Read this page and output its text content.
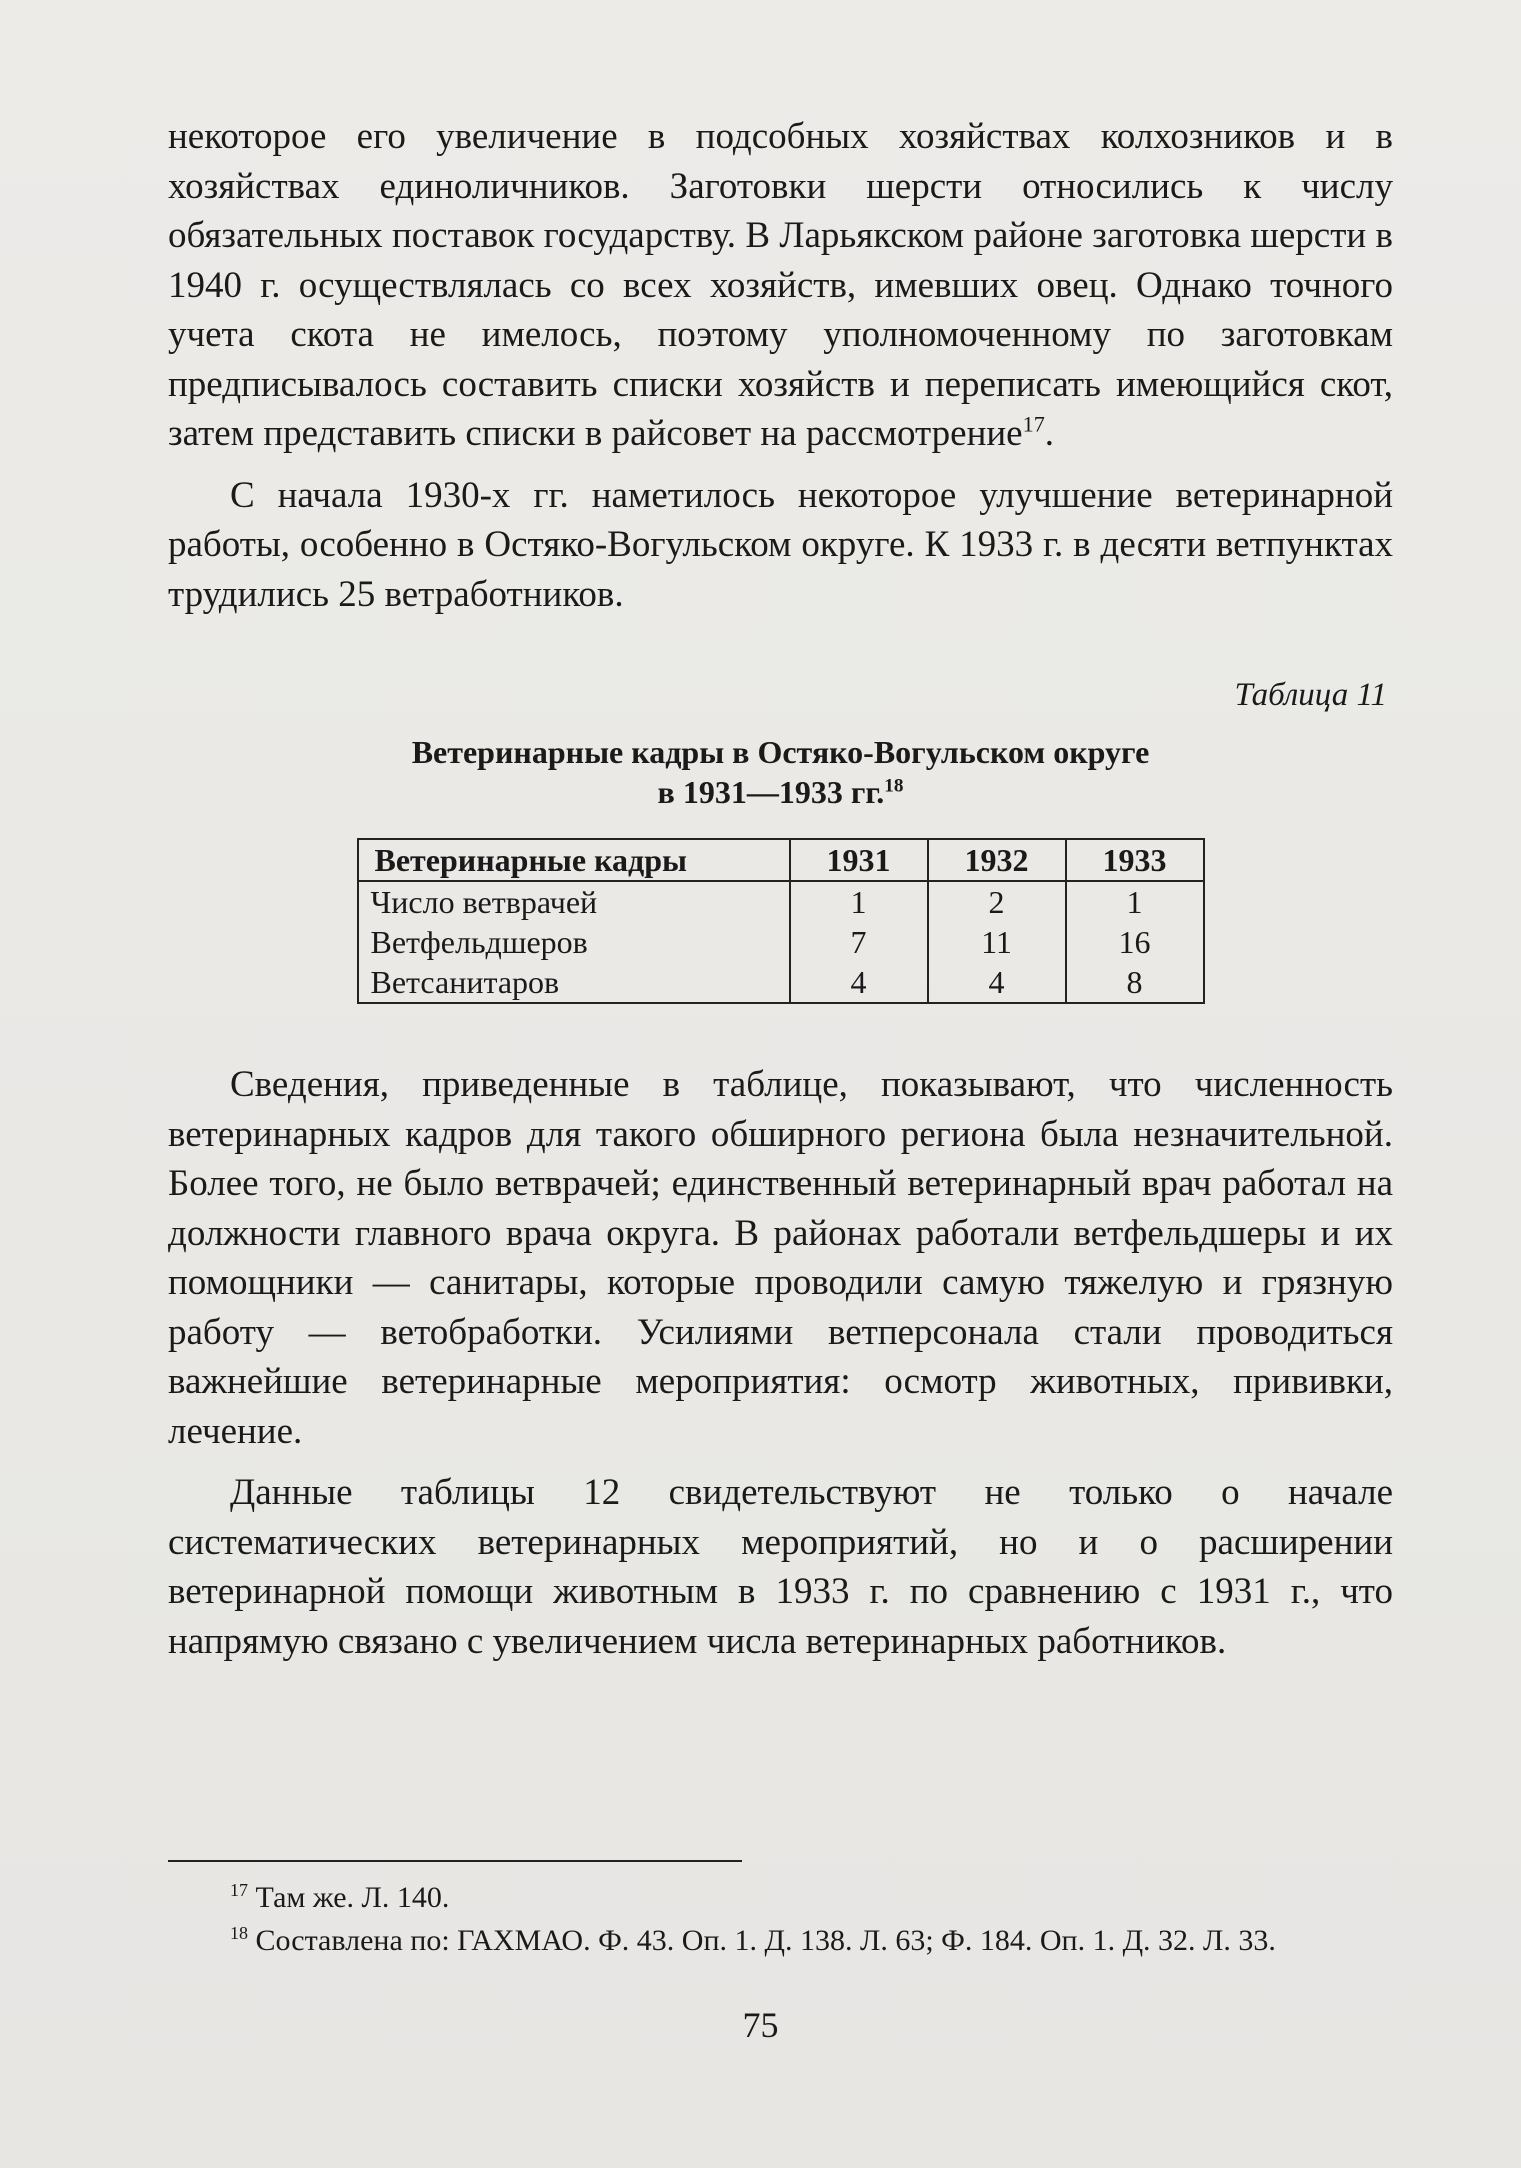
некоторое его увеличение в подсобных хозяйствах колхозников и в хозяйствах единоличников. Заготовки шерсти относились к числу обязательных поставок государству. В Ларьякском районе заготовка шерсти в 1940 г. осуществлялась со всех хозяйств, имевших овец. Однако точного учета скота не имелось, поэтому уполномоченному по заготовкам предписывалось составить списки хозяйств и переписать имеющийся скот, затем представить списки в райсовет на рассмотрение$^{17}$.

С начала 1930-х гг. наметилось некоторое улучшение ветеринарной работы, особенно в Остяко-Вогульском округе. К 1933 г. в десяти ветпунктах трудились 25 ветработников.

Таблица 11
Ветеринарные кадры в Остяко-Вогульском округе
в 1931—1933 гг.$^{18}$
Ветеринарные кадры	1931	1932	1933
Число ветврачей	1	2	1
Ветфельдшеров	7	11	16
Ветсанитаров	4	4	8

Сведения, приведенные в таблице, показывают, что численность ветеринарных кадров для такого обширного региона была незначительной. Более того, не было ветврачей; единственный ветеринарный врач работал на должности главного врача округа. В районах работали ветфельдшеры и их помощники — санитары, которые проводили самую тяжелую и грязную работу — ветобработки. Усилиями ветперсонала стали проводиться важнейшие ветеринарные мероприятия: осмотр животных, прививки, лечение.

Данные таблицы 12 свидетельствуют не только о начале систематических ветеринарных мероприятий, но и о расширении ветеринарной помощи животным в 1933 г. по сравнению с 1931 г., что напрямую связано с увеличением числа ветеринарных работников.

$^{17}$ Там же. Л. 140.

$^{18}$ Составлена по: ГАХМАО. Ф. 43. Оп. 1. Д. 138. Л. 63; Ф. 184. Оп. 1. Д. 32. Л. 33.

75
